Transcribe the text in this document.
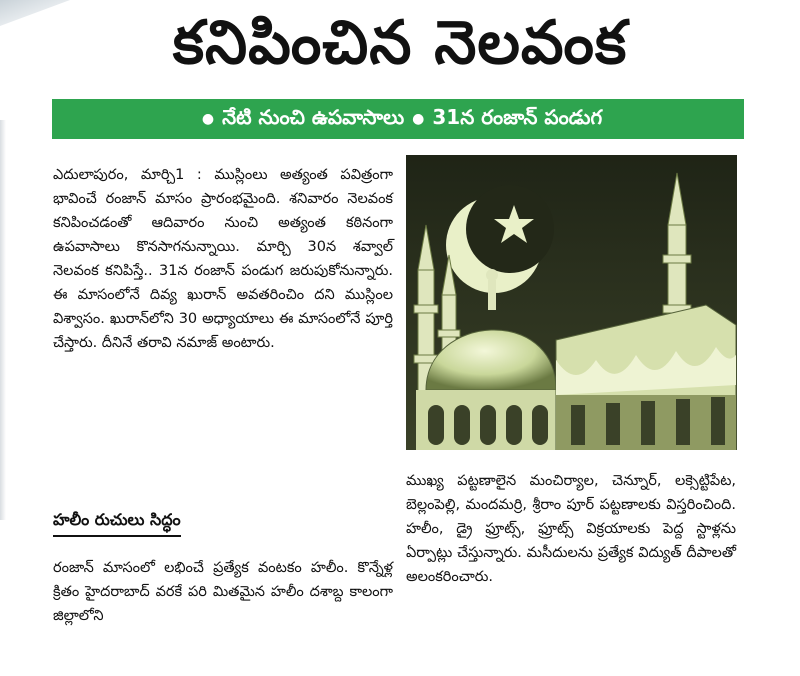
కనిపించిన నెలవంక
● నేటి నుంచి ఉపవాసాలు ● 31న రంజాన్ పండుగ

ఎదులాపురం, మార్చి1 : ముస్లింలు అత్యంత పవిత్రంగా భావించే రంజాన్ మాసం ప్రారంభమైంది. శనివారం నెలవంక కనిపించడంతో ఆదివారం నుంచి అత్యంత కఠినంగా ఉపవాసాలు కొనసాగనున్నాయి. మార్చి 30న శవ్వాల్ నెలవంక కనిపిస్తే.. 31న రంజాన్ పండుగ జరుపుకోనున్నారు. ఈ మాసంలోనే దివ్య ఖురాన్ అవతరించిం దని ముస్లింల విశ్వాసం. ఖురాన్‌లోని 30 అధ్యాయాలు ఈ మాసంలోనే పూర్తి చేస్తారు. దీనినే తరావి నమాజ్ అంటారు.

హలీం రుచులు సిద్ధం

రంజాన్ మాసంలో లభించే ప్రత్యేక వంటకం హలీం. కొన్నేళ్ల క్రితం హైదరాబాద్ వరకే పరి మితమైన హలీం దశాబ్ద కాలంగా జిల్లాలోని

ముఖ్య పట్టణాలైన మంచిర్యాల, చెన్నూర్, లక్సెట్టిపేట, బెల్లంపెల్లి, మందమర్రి, శ్రీరాం పూర్ పట్టణాలకు విస్తరించింది. హలీం, డ్రై ఫ్రూట్స్, ఫ్రూట్స్ విక్రయాలకు పెద్ద స్టాళ్లను ఏర్పాట్లు చేస్తున్నారు. మసీదులను ప్రత్యేక విద్యుత్ దీపాలతో అలంకరించారు.
